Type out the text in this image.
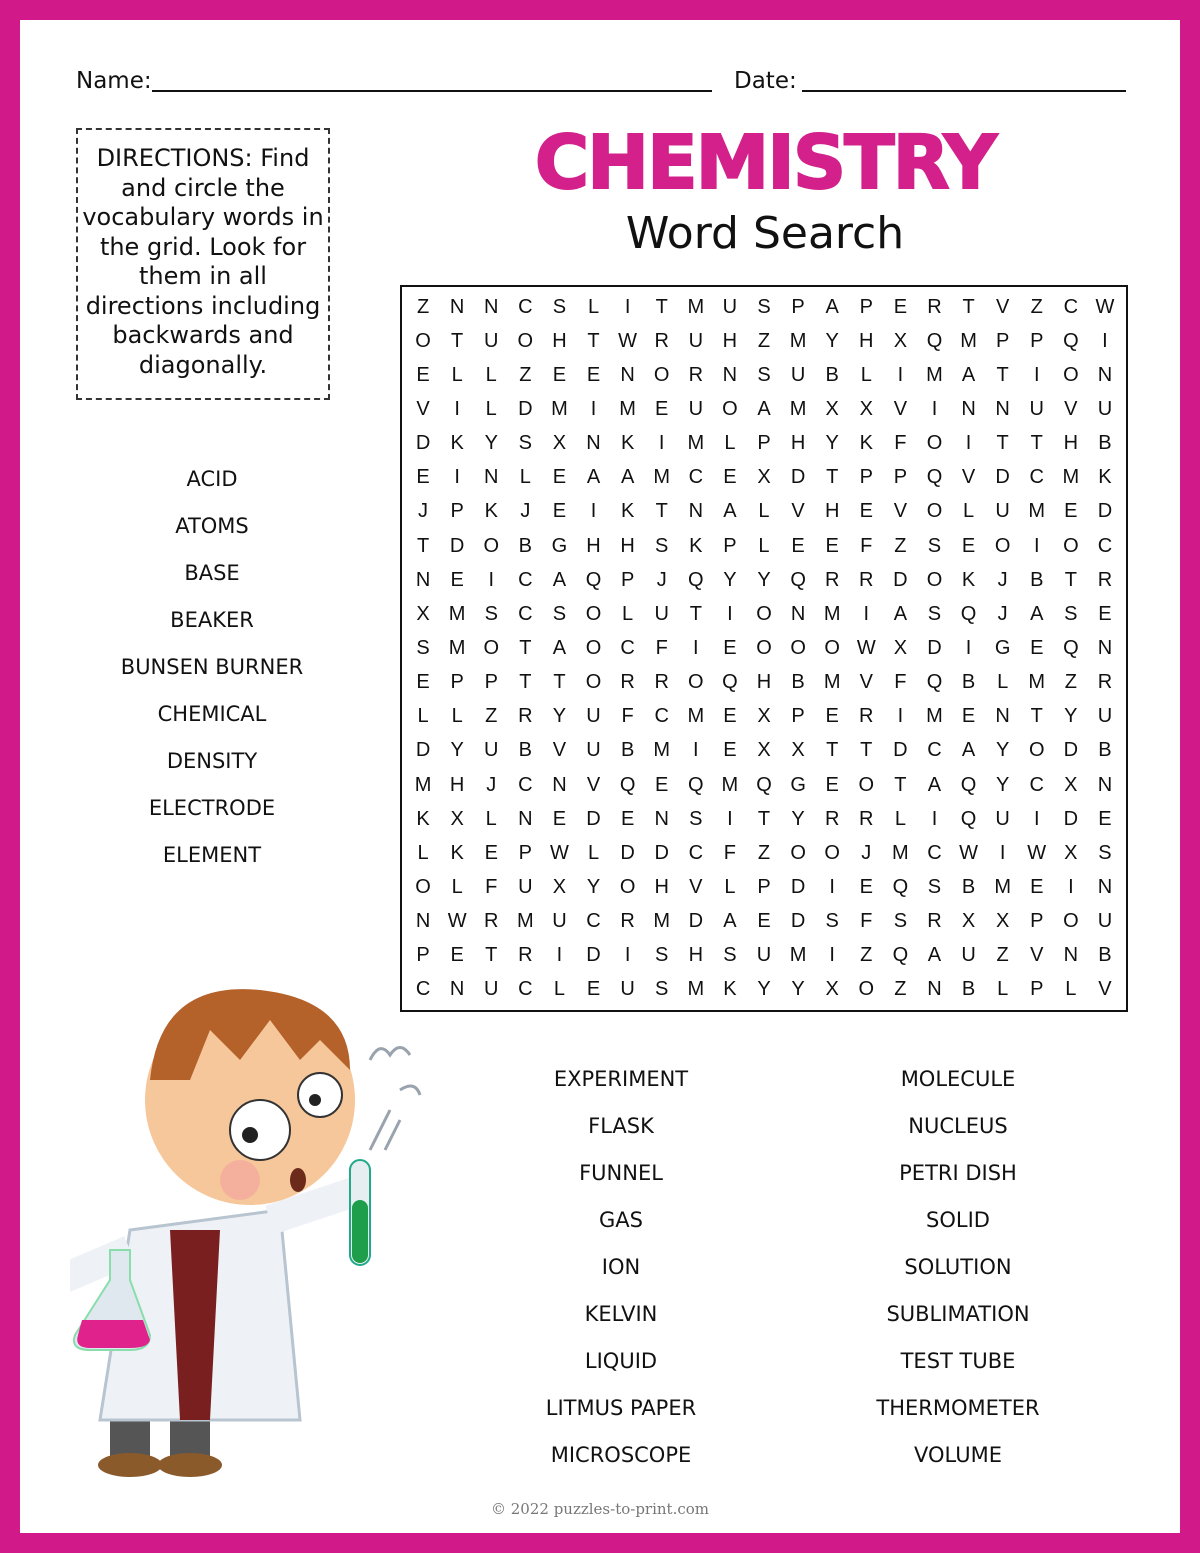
Name:	Date:
DIRECTIONS: Find and circle the vocabulary words in the grid. Look for them in all directions including backwards and diagonally.
CHEMISTRY
Word Search
Z	N N C	S	L	I	T M U	S	P	A	P	E	R	T	V	Z	C W
O	T	U O H	T W R U H	Z M Y	H	X Q M P	P Q	I
E	L	L	Z	E	E	N O R N	S	U	B	L	I	M A	T	I	O N
V	I	L	D M	I	M E	U O A M X	X	V	I	N N U	V	U
D	K	Y	S	X	N	K	I	M	L	P	H	Y	K	F	O	I	T	T	H	B
E	I	N	L	E	A	A M C	E	X	D	T	P	P Q V	D C M K
J	P	K	J	E	I	K	T	N	A	L	V	H	E	V O	L	U M E	D
T	D O B G H H	S	K	P	L	E	E	F	Z	S	E O	I	O C
N	E	I	C	A Q P	J	Q Y	Y Q R R D O K	J	B	T	R
X M S	C	S O	L	U	T	I	O N M	I	A	S Q	J	A	S	E
S M O	T	A O C	F	I	E O O O W X	D	I	G E Q N
E	P	P	T	T	O R R O Q H	B M V	F	Q B	L	M Z	R
L	L	Z	R	Y	U	F	C M E	X	P	E	R	I	M E	N	T	Y	U
D	Y	U	B	V	U	B M	I	E	X	X	T	T	D C	A	Y O D	B
M H	J	C N	V Q E Q M Q G E O	T	A Q Y	C	X	N
K	X	L	N	E	D	E	N	S	I	T	Y	R R	L	I	Q U	I	D	E
L	K	E	P W L	D D C	F	Z	O O	J	M C W	I	W X	S
O	L	F	U	X	Y O H	V	L	P	D	I	E Q S	B M E	I	N
N W R M U C R M D	A	E	D	S	F	S	R	X	X	P O U
P	E	T	R	I	D	I	S	H	S	U M	I	Z	Q A	U	Z	V	N	B
C N U C	L	E	U	S M K	Y	Y	X O	Z	N	B	L	P	L	V
ACID
ATOMS
BASE
BEAKER
BUNSEN BURNER
CHEMICAL
DENSITY
ELECTRODE
ELEMENT
EXPERIMENT
FLASK
FUNNEL
GAS
ION
KELVIN
LIQUID
LITMUS PAPER
MICROSCOPE
MOLECULE
NUCLEUS
PETRI DISH
SOLID
SOLUTION
SUBLIMATION
TEST TUBE
THERMOMETER
VOLUME
© 2022 puzzles-to-print.com
